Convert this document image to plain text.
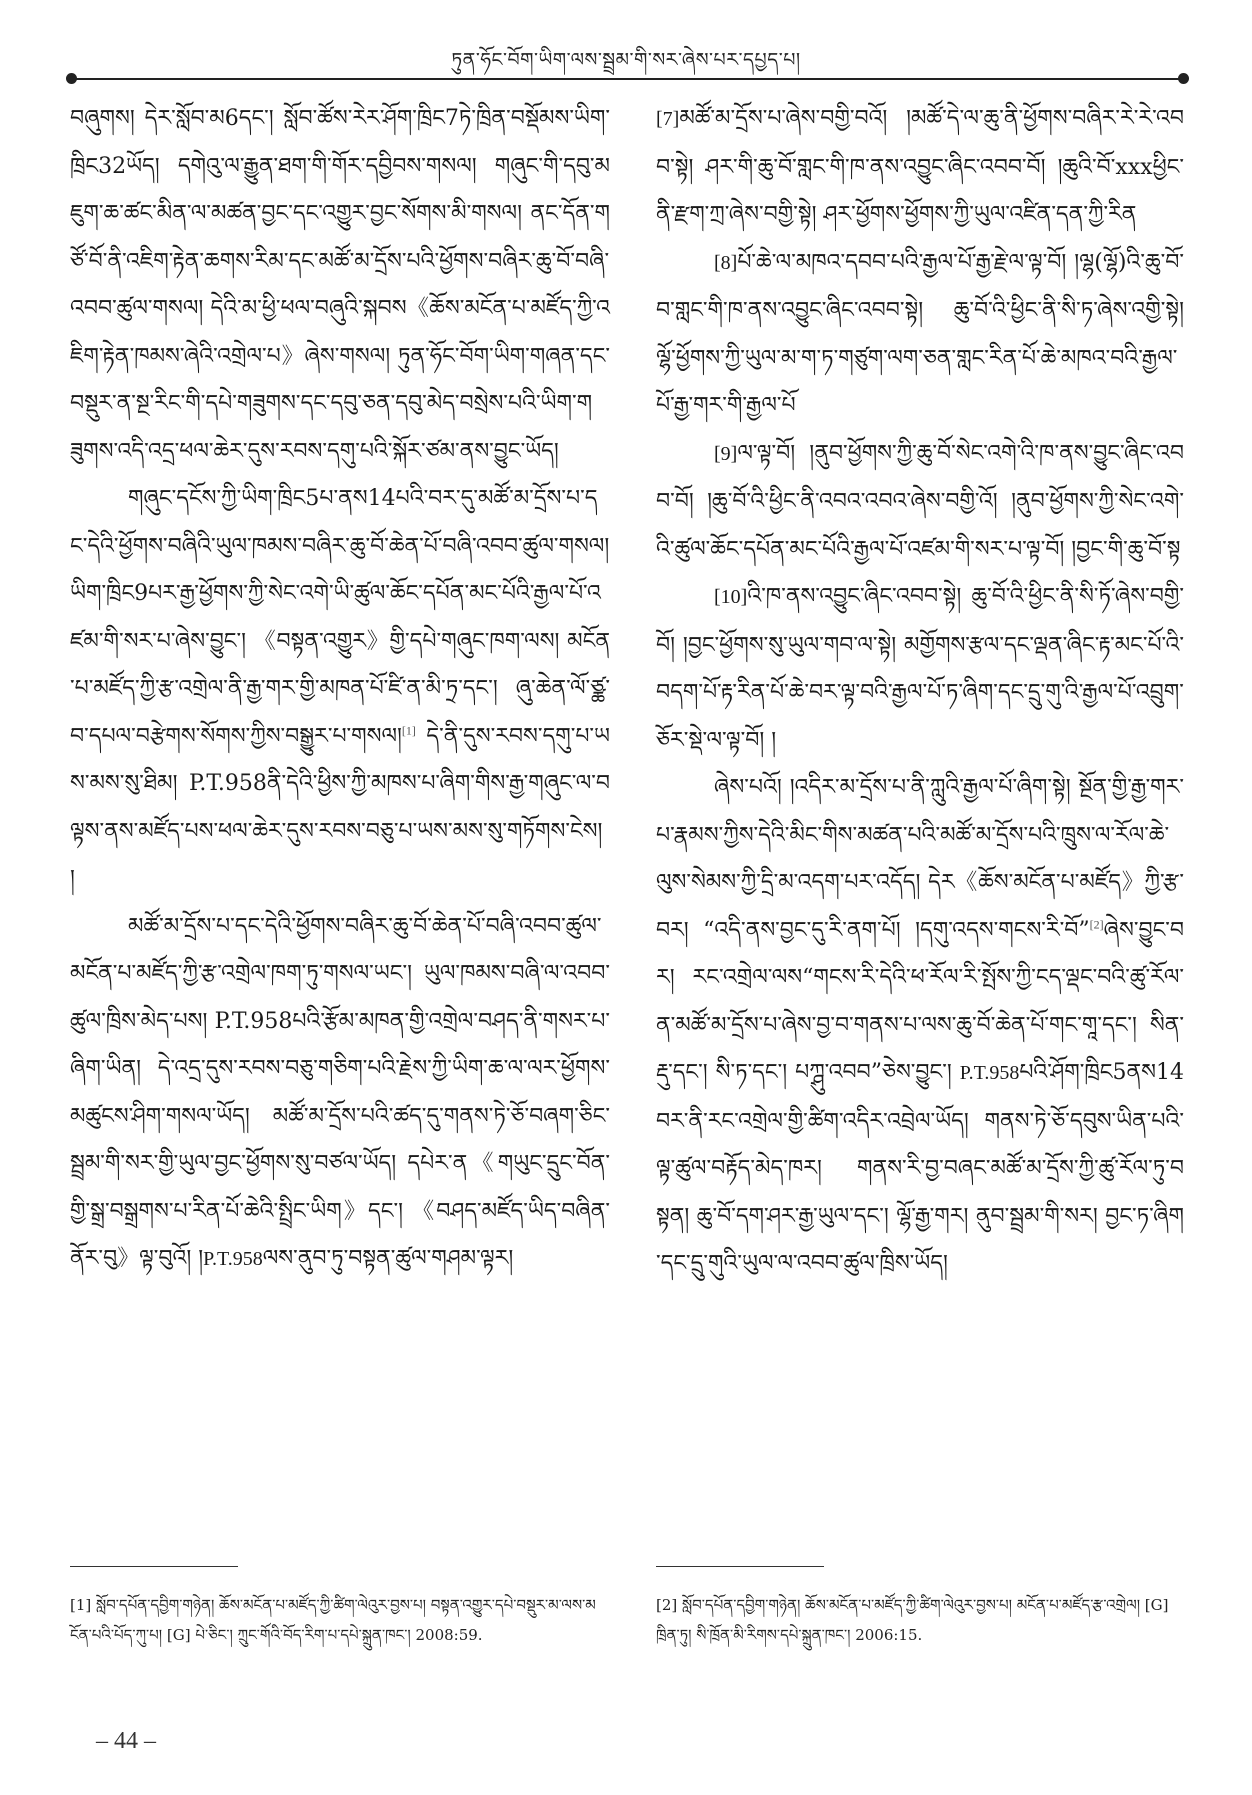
ཏུན་ཧོང་བོག་ཡིག་ལས་སྦྲམ་གི་སར་ཞེས་པར་དཔྱད་པ།

བཞུགས། དེར་སློབ་མ6དང་། སློབ་ཚོས་རེར་ཤོག་ཁྲིང7ཏེ་ཁྲིན་བསྡོམས་ཡིག་ཁྲིང32ཡོད། དགེའུ་ལ་རྒྱུན་ཐག་གི་གོར་དབྱིབས་གསལ། གཞུང་གི་དབུ་མཇུག་ཆ་ཚང་མིན་ལ་མཚན་བྱང་དང་འགྱུར་བྱང་སོགས་མི་གསལ། ནང་དོན་གཙོ་བོ་ནི་འཇིག་རྟེན་ཆགས་རིམ་དང་མཚོ་མ་དྲོས་པའི་ཕྱོགས་བཞིར་ཆུ་བོ་བཞི་འབབ་ཚུལ་གསལ། དེའི་མ་ཕྱི་ཕལ་བཞུའི་སྐབས《ཆོས་མངོན་པ་མཛོད་ཀྱི་འཇིག་རྟེན་ཁམས་ཞེའི་འགྲེལ་པ》ཞེས་གསལ། ཏུན་ཧོང་བོག་ཡིག་གཞན་དང་བསྡུར་ན་སྔ་རིང་གི་དཔེ་གཟུགས་དང་དབུ་ཅན་དབུ་མེད་བསྲེས་པའི་ཡིག་གཟུགས་འདི་འདྲ་ཕལ་ཆེར་དུས་རབས་དགུ་པའི་སྐོར་ཙམ་ནས་བྱུང་ཡོད།

གཞུང་དངོས་ཀྱི་ཡིག་ཁྲིང5པ་ནས14པའི་བར་དུ་མཚོ་མ་དྲོས་པ་དང་དེའི་ཕྱོགས་བཞིའི་ཡུལ་ཁམས་བཞིར་ཆུ་བོ་ཆེན་པོ་བཞི་འབབ་ཚུལ་གསལ། ཡིག་ཁྲིང9པར་རྒྱ་ཕྱོགས་ཀྱི་སེང་འགེ་ཡི་ཚུལ་ཆོང་དཔོན་མང་པོའི་རྒྱལ་པོ་འཛམ་གི་སར་པ་ཞེས་བྱུང་། 《བསྟན་འགྱུར》གྱི་དཔེ་གཞུང་ཁག་ལས། མངོན་པ་མཛོད་ཀྱི་རྩ་འགྲེལ་ནི་རྒྱ་གར་གྱི་མཁན་པོ་ཛི་ན་མི་ཏྲ་དང་། ཞུ་ཆེན་ལོ་ཙྪ་བ་དཔལ་བརྩེགས་སོགས་ཀྱིས་བསྒྱུར་པ་གསལ།[1] དེ་ནི་དུས་རབས་དགུ་པ་ཡས་མས་སུ་ཐིམ། P.T.958ནི་དེའི་ཕྱིས་ཀྱི་མཁས་པ་ཞིག་གིས་རྒྱ་གཞུང་ལ་བལྟས་ནས་མཛོད་པས་ཕལ་ཆེར་དུས་རབས་བཅུ་པ་ཡས་མས་སུ་གཏོགས་ངེས། །

མཚོ་མ་དྲོས་པ་དང་དེའི་ཕྱོགས་བཞིར་ཆུ་བོ་ཆེན་པོ་བཞི་འབབ་ཚུལ་མངོན་པ་མཛོད་ཀྱི་རྩ་འགྲེལ་ཁག་ཏུ་གསལ་ཡང་། ཡུལ་ཁམས་བཞི་ལ་འབབ་ཚུལ་ཁྲིས་མེད་པས། P.T.958པའི་རྩོམ་མཁན་གྱི་འགྲེལ་བཤད་ནི་གསར་པ་ཞིག་ཡིན། དེ་འདྲ་དུས་རབས་བཅུ་གཅིག་པའི་རྗེས་ཀྱི་ཡིག་ཆ་ལ་ལར་ཕྱོགས་མཚུངས་ཤིག་གསལ་ཡོད། མཚོ་མ་དྲོས་པའི་ཚད་དུ་གནས་ཏེ་ཅོ་བཞག་ཅིང་སྦྲམ་གི་སར་གྱི་ཡུལ་བྱང་ཕྱོགས་སུ་བཙལ་ཡོད། དཔེར་ན《གཡུང་དྲུང་བོན་གྱི་སྒྲ་བསྒྲགས་པ་རིན་པོ་ཆེའི་སྤྲིང་ཡིག》དང་། 《བཤད་མཛོད་ཡིད་བཞིན་ནོར་བུ》ལྟ་བུའོ། །P.T.958ལས་ནུབ་ཏུ་བསྟན་ཚུལ་གཤམ་ལྟར།

[7]མཚོ་མ་དྲོས་པ་ཞེས་བགྱི་བའོ། །མཚོ་དེ་ལ་ཆུ་ནི་ཕྱོགས་བཞིར་རེ་རེ་འབབ་སྟེ། ཤར་གི་ཆུ་བོ་གླང་གི་ཁ་ནས་འབྱུང་ཞིང་འབབ་བོ། །ཆུའི་བོ་xxxཕྱིང་ནི་རྫག་ཀྲ་ཞེས་བགྱི་སྟེ། ཤར་ཕྱོགས་ཕྱོགས་ཀྱི་ཡུལ་འཛིན་དན་ཀྱི་རིན

[8]པོ་ཆེ་ལ་མཁའ་དབབ་པའི་རྒྱལ་པོ་རྒྱ་རྗེ་ལ་ལྟ་བོ། །ལྷ(ལྷོ)འི་ཆུ་བོ་བ་གླང་གི་ཁ་ནས་འབྱུང་ཞིང་འབབ་སྟེ། ཆུ་བོ་འི་ཕྱིང་ནི་སི་ཏ་ཞེས་འགྱི་སྟེ། ལྷོ་ཕྱོགས་ཀྱི་ཡུལ་མ་ག་ཏ་གཙུག་ལག་ཅན་གླང་རིན་པོ་ཆེ་མཁའ་བའི་རྒྱལ་པོ་རྒྱ་གར་གི་རྒྱལ་པོ

[9]ལ་ལྟ་བོ། །ནུབ་ཕྱོགས་ཀྱི་ཆུ་བོ་སེང་འགེ་འི་ཁ་ནས་བྱུང་ཞིང་འབབ་བོ། །ཆུ་བོ་འི་ཕྱིང་ནི་འབའ་འབའ་ཞེས་བགྱི་འོ། །ནུབ་ཕྱོགས་ཀྱི་སེང་འགེ་འི་ཚུལ་ཆོང་དཔོན་མང་པོའི་རྒྱལ་པོ་འཛམ་གི་སར་པ་ལྟ་བོ། །བྱང་གི་ཆུ་བོ་སྟ

[10]འི་ཁ་ནས་འབྱུང་ཞིང་འབབ་སྟེ། ཆུ་བོ་འི་ཕྱིང་ནི་སི་ཏོ་ཞེས་བགྱི་བོ། །བྱང་ཕྱོགས་སུ་ཡུལ་གབ་ལ་སྟེ། མགྱོགས་རྩལ་དང་ལྡན་ཞིང་རྟ་མང་པོ་འི་བདག་པོ་རྟ་རིན་པོ་ཆེ་བར་ལྟ་བའི་རྒྱལ་པོ་ཏ་ཞིག་དང་དྲུ་གུ་འི་རྒྱལ་པོ་འབྲུག་ཅོར་སྡེ་ལ་ལྟ་བོ། །

ཞེས་པའོ། །འདིར་མ་དྲོས་པ་ནི་ཀླུའི་རྒྱལ་པོ་ཞིག་སྟེ། སྔོན་གྱི་རྒྱ་གར་པ་རྣམས་ཀྱིས་དེའི་མིང་གིས་མཚན་པའི་མཚོ་མ་དྲོས་པའི་ཁྲུས་ལ་རོལ་ཆེ་ལུས་སེམས་ཀྱི་དྲི་མ་འདག་པར་འདོད། དེར《ཆོས་མངོན་པ་མཛོད》ཀྱི་རྩ་བར། “འདི་ནས་བྱང་དུ་རི་ནག་པོ། །དགུ་འདས་གངས་རི་བོ”[2]ཞེས་བྱུང་བར། རང་འགྲེལ་ལས“གངས་རི་དེའི་ཕ་རོལ་རི་སྤོས་ཀྱི་ངད་ལྡང་བའི་ཚུ་རོལ་ན་མཚོ་མ་དྲོས་པ་ཞེས་བྱ་བ་གནས་པ་ལས་ཆུ་བོ་ཆེན་པོ་གང་གཱ་དང་། སིན་རྡུ་དང་། སི་ཏ་དང་། པཀྴུ་འབབ”ཅེས་བྱུང་། P.T.958པའི་ཤོག་ཁྲིང5ནས14བར་ནི་རང་འགྲེལ་གྱི་ཚིག་འདིར་འབྲེལ་ཡོད། གནས་ཏེ་ཅོ་དབུས་ཡིན་པའི་ལྟ་ཚུལ་བརྟོད་མེད་ཁར། གནས་རི་བྱ་བཞང་མཚོ་མ་དྲོས་ཀྱི་ཚུ་རོལ་ཏུ་བསྟན། ཆུ་བོ་དག་ཤར་རྒྱ་ཡུལ་དང་། ལྷོ་རྒྱ་གར། ནུབ་སྦྲམ་གི་སར། བྱང་ཏ་ཞིག་དང་དྲུ་གུའི་ཡུལ་ལ་འབབ་ཚུལ་ཁྲིས་ཡོད།

[1] སློབ་དཔོན་དབྱིག་གཉེན། ཆོས་མངོན་པ་མཛོད་ཀྱི་ཚིག་ལེའུར་བྱས་པ། བསྟན་འགྱུར་དཔེ་བསྡུར་མ་ལས་མངོན་པའི་པོད་ཀུ་པ། [G] པེ་ཅིང་། ཀྲུང་གོའི་བོད་རིག་པ་དཔེ་སྐྲུན་ཁང་། 2008:59.
[2] སློབ་དཔོན་དབྱིག་གཉེན། ཆོས་མངོན་པ་མཛོད་ཀྱི་ཚིག་ལེའུར་བྱས་པ། མངོན་པ་མཛོད་རྩ་འགྲེལ། [G] ཁྲིན་ཏུ། སི་ཁྲོན་མི་རིགས་དཔེ་སྐྲུན་ཁང་། 2006:15.
– 44 –
